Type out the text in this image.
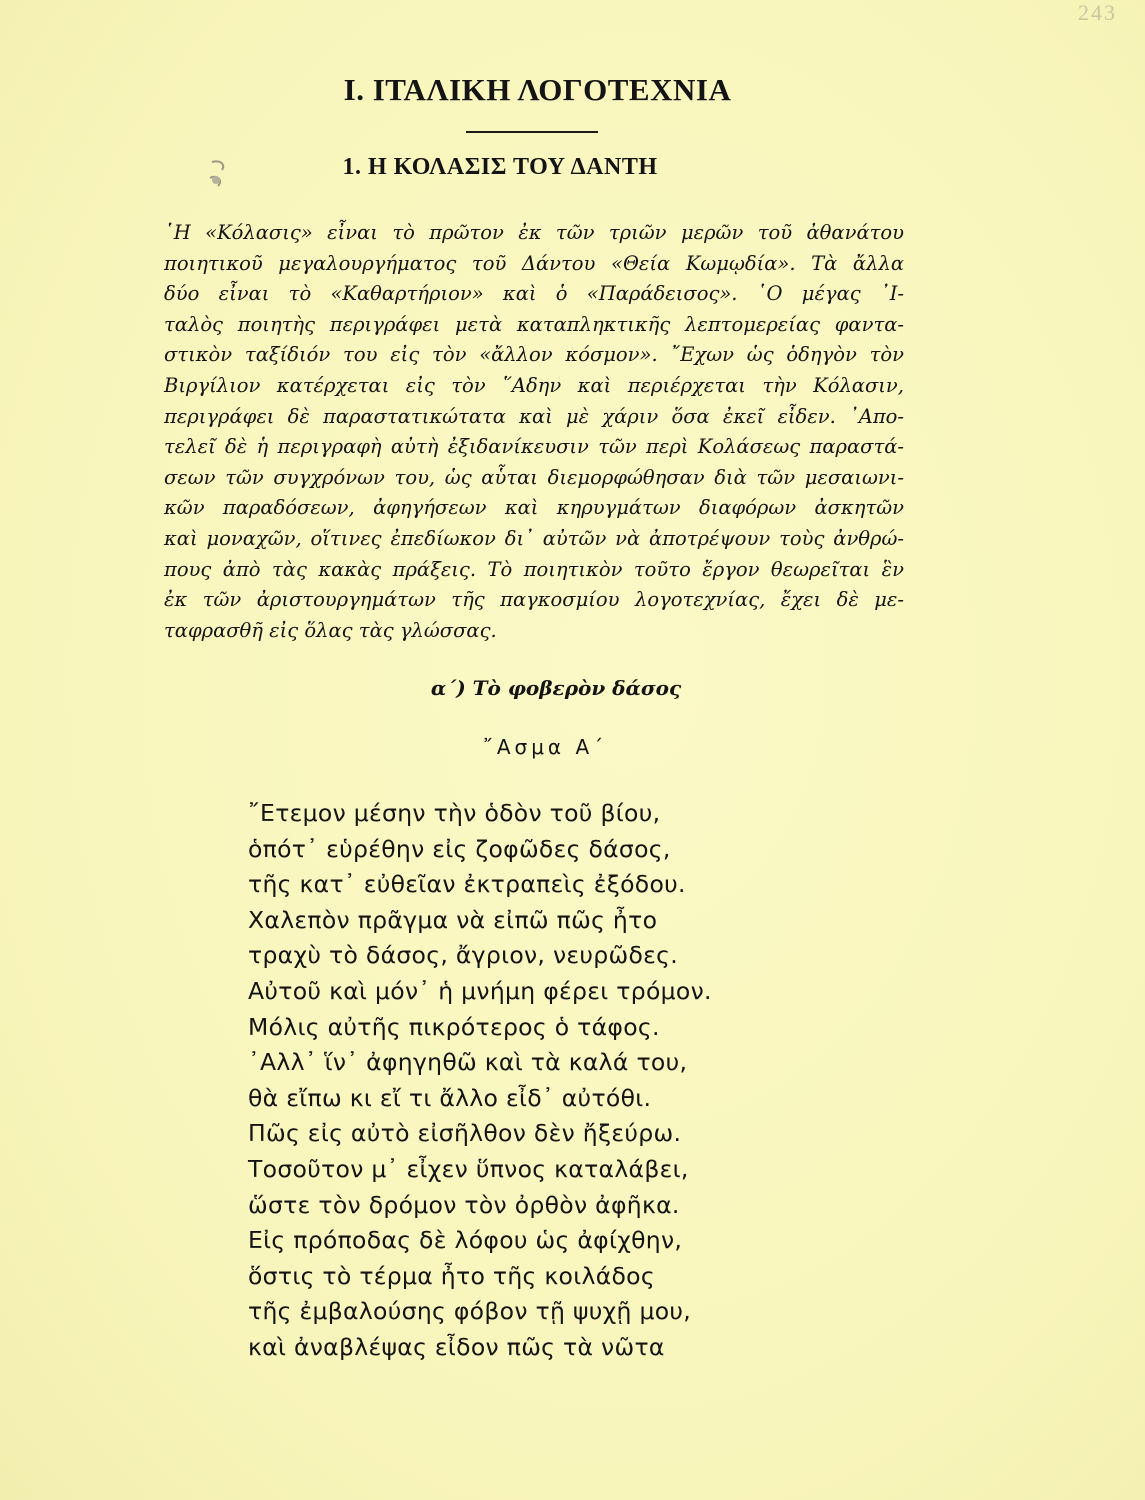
243
I. ΙΤΑΛΙΚΗ ΛΟΓΟΤΕΧΝΙΑ
1. Η ΚΟΛΑΣΙΣ ΤΟΥ ΔΑΝΤΗ
῾Η «Κόλασις» εἶναι τὸ πρῶτον ἐκ τῶν τριῶν μερῶν τοῦ ἀθανάτου
ποιητικοῦ μεγαλουργήματος τοῦ Δάντου «Θεία Κωμῳδία». Τὰ ἄλλα
δύο εἶναι τὸ «Καθαρτήριον» καὶ ὁ «Παράδεισος». ῾Ο μέγας ᾿Ι-
ταλὸς ποιητὴς περιγράφει μετὰ καταπληκτικῆς λεπτομερείας φαντα-
στικὸν ταξίδιόν του εἰς τὸν «ἄλλον κόσμον». ῎Εχων ὡς ὁδηγὸν τὸν
Βιργίλιον κατέρχεται εἰς τὸν ῞Αδην καὶ περιέρχεται τὴν Κόλασιν,
περιγράφει δὲ παραστατικώτατα καὶ μὲ χάριν ὅσα ἐκεῖ εἶδεν. ᾿Απο-
τελεῖ δὲ ἡ περιγραφὴ αὐτὴ ἐξιδανίκευσιν τῶν περὶ Κολάσεως παραστά-
σεων τῶν συγχρόνων του, ὡς αὗται διεμορφώθησαν διὰ τῶν μεσαιωνι-
κῶν παραδόσεων, ἀφηγήσεων καὶ κηρυγμάτων διαφόρων ἀσκητῶν
καὶ μοναχῶν, οἵτινες ἐπεδίωκον δι᾿ αὐτῶν νὰ ἀποτρέψουν τοὺς ἀνθρώ-
πους ἀπὸ τὰς κακὰς πράξεις. Τὸ ποιητικὸν τοῦτο ἔργον θεωρεῖται ἓν
ἐκ τῶν ἀριστουργημάτων τῆς παγκοσμίου λογοτεχνίας, ἔχει δὲ με-
ταφρασθῆ εἰς ὅλας τὰς γλώσσας.
α΄) Τὸ φοβερὸν δάσος
῎Ασμα Α΄
῎Ετεμον μέσην τὴν ὁδὸν τοῦ βίου,
ὁπότ᾿ εὑρέθην εἰς ζοφῶδες δάσος,
τῆς κατ᾿ εὐθεῖαν ἐκτραπεὶς ἐξόδου.
Χαλεπὸν πρᾶγμα νὰ εἰπῶ πῶς ἦτο
τραχὺ τὸ δάσος, ἄγριον, νευρῶδες.
Αὐτοῦ καὶ μόν᾿ ἡ μνήμη φέρει τρόμον.
Μόλις αὐτῆς πικρότερος ὁ τάφος.
᾿Αλλ᾿ ἵν᾿ ἀφηγηθῶ καὶ τὰ καλά του,
θὰ εἴπω κι εἴ τι ἄλλο εἶδ᾿ αὐτόθι.
Πῶς εἰς αὐτὸ εἰσῆλθον δὲν ἤξεύρω.
Τοσοῦτον μ᾿ εἶχεν ὕπνος καταλάβει,
ὥστε τὸν δρόμον τὸν ὀρθὸν ἀφῆκα.
Εἰς πρόποδας δὲ λόφου ὡς ἀφίχθην,
ὅστις τὸ τέρμα ἦτο τῆς κοιλάδος
τῆς ἐμβαλούσης φόβον τῇ ψυχῇ μου,
καὶ ἀναβλέψας εἶδον πῶς τὰ νῶτα
